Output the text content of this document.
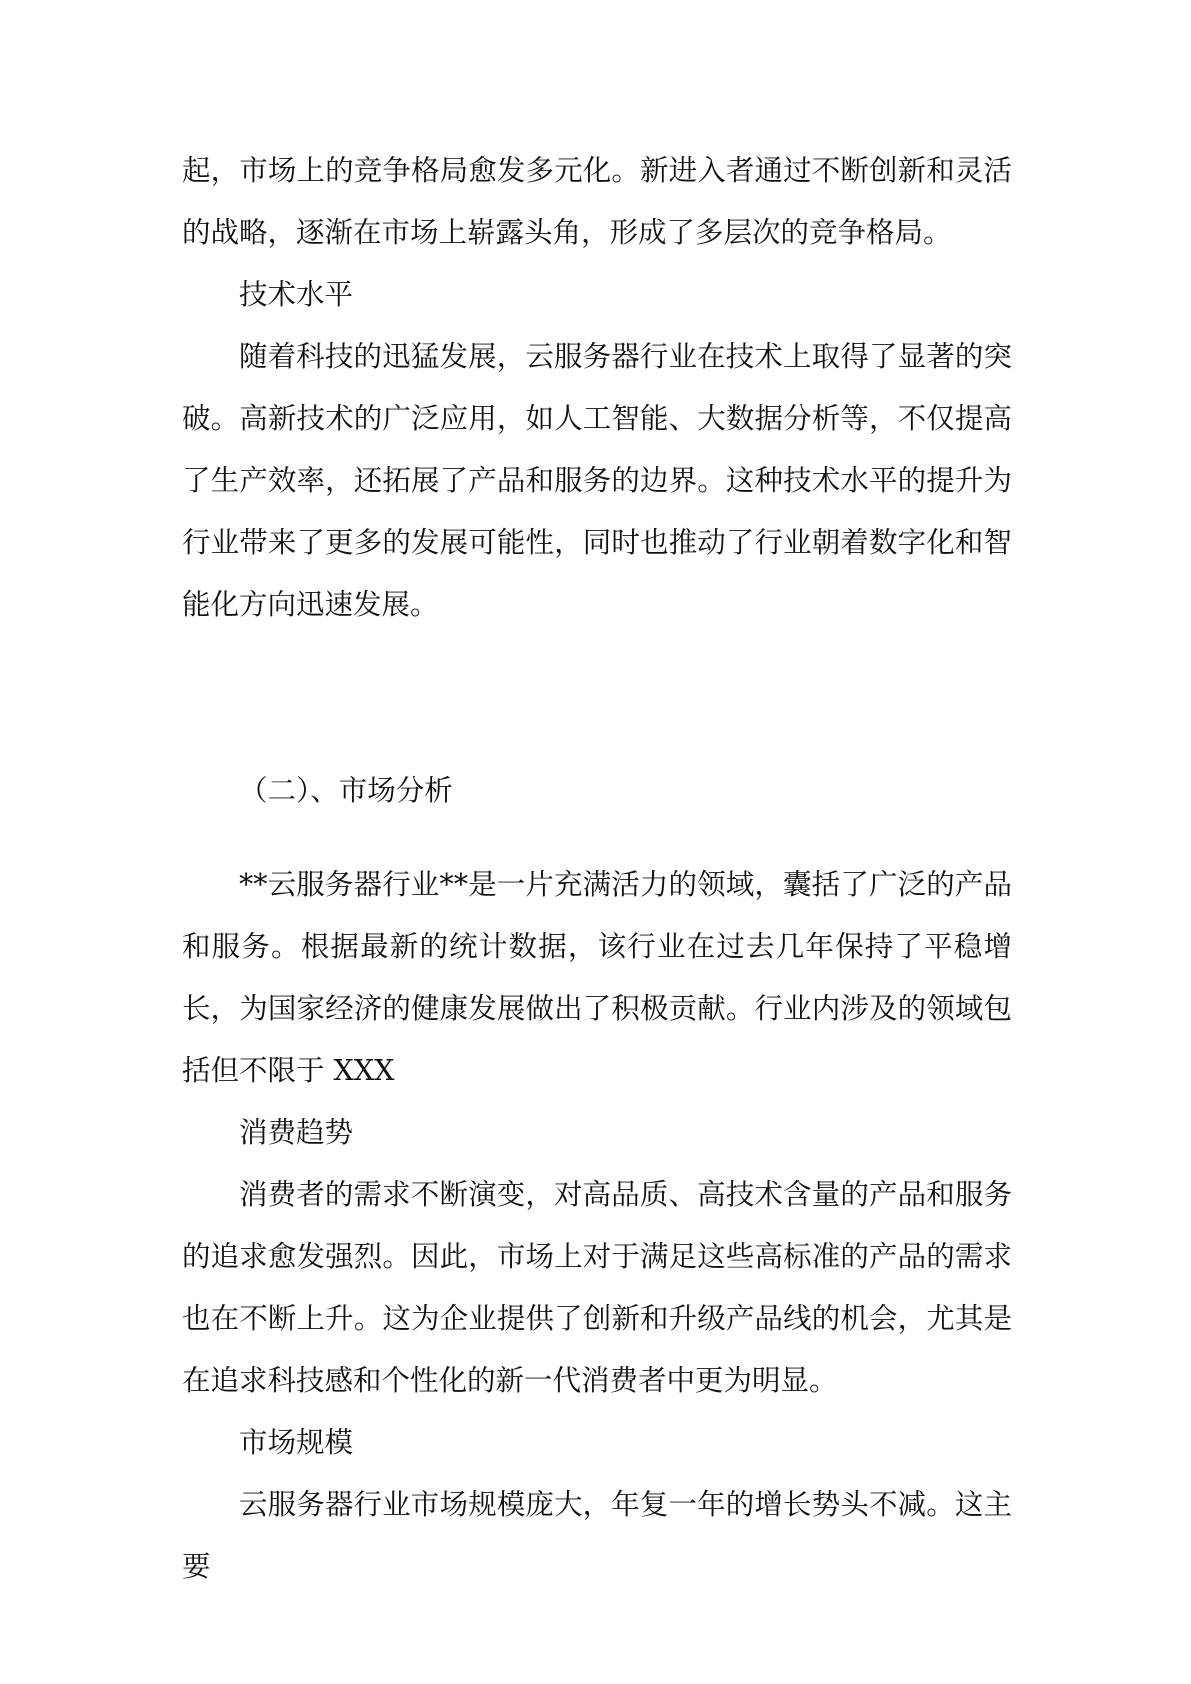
起，市场上的竞争格局愈发多元化。新进入者通过不断创新和灵活的战略，逐渐在市场上崭露头角，形成了多层次的竞争格局。

技术水平

随着科技的迅猛发展，云服务器行业在技术上取得了显著的突破。高新技术的广泛应用，如人工智能、大数据分析等，不仅提高了生产效率，还拓展了产品和服务的边界。这种技术水平的提升为行业带来了更多的发展可能性，同时也推动了行业朝着数字化和智能化方向迅速发展。

（二）、市场分析

**云服务器行业**是一片充满活力的领域，囊括了广泛的产品和服务。根据最新的统计数据，该行业在过去几年保持了平稳增长，为国家经济的健康发展做出了积极贡献。行业内涉及的领域包括但不限于 XXX

消费趋势

消费者的需求不断演变，对高品质、高技术含量的产品和服务的追求愈发强烈。因此，市场上对于满足这些高标准的产品的需求也在不断上升。这为企业提供了创新和升级产品线的机会，尤其是在追求科技感和个性化的新一代消费者中更为明显。

市场规模

云服务器行业市场规模庞大，年复一年的增长势头不减。这主要
